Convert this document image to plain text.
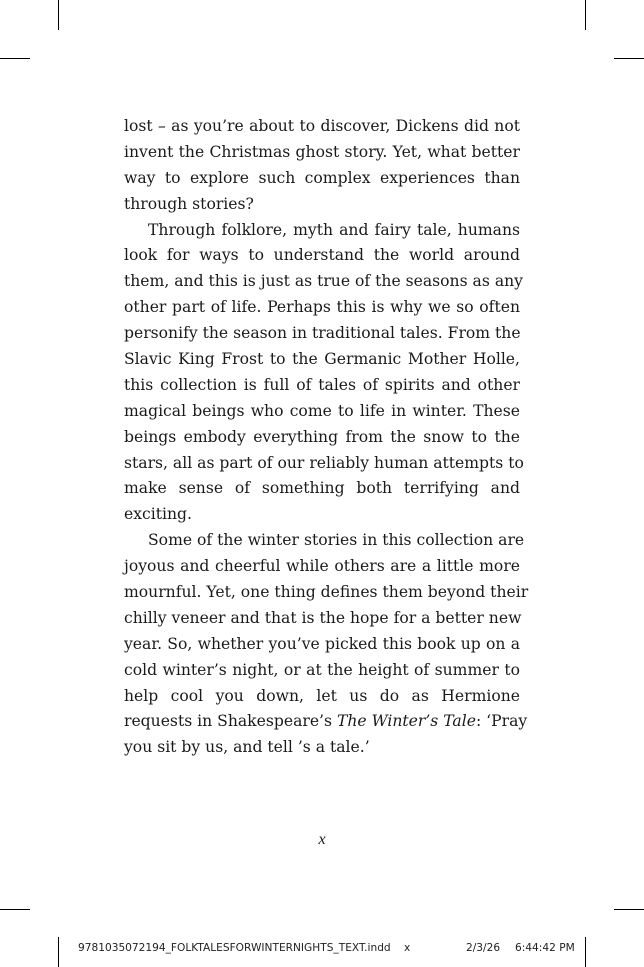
lost – as you’re about to discover, Dickens did not
invent the Christmas ghost story. Yet, what better
way to explore such complex experiences than
through stories?
Through folklore, myth and fairy tale, humans
look for ways to understand the world around
them, and this is just as true of the seasons as any
other part of life. Perhaps this is why we so often
personify the season in traditional tales. From the
Slavic King Frost to the Germanic Mother Holle,
this collection is full of tales of spirits and other
magical beings who come to life in winter. These
beings embody everything from the snow to the
stars, all as part of our reliably human attempts to
make sense of something both terrifying and
exciting.
Some of the winter stories in this collection are
joyous and cheerful while others are a little more
mournful. Yet, one thing defines them beyond their
chilly veneer and that is the hope for a better new
year. So, whether you’ve picked this book up on a
cold winter’s night, or at the height of summer to
help cool you down, let us do as Hermione
requests in Shakespeare’s The Winter’s Tale: ‘Pray
you sit by us, and tell ’s a tale.’
x
9781035072194_FOLKTALESFORWINTERNIGHTS_TEXT.indd x	2/3/26 6:44:42 PM
